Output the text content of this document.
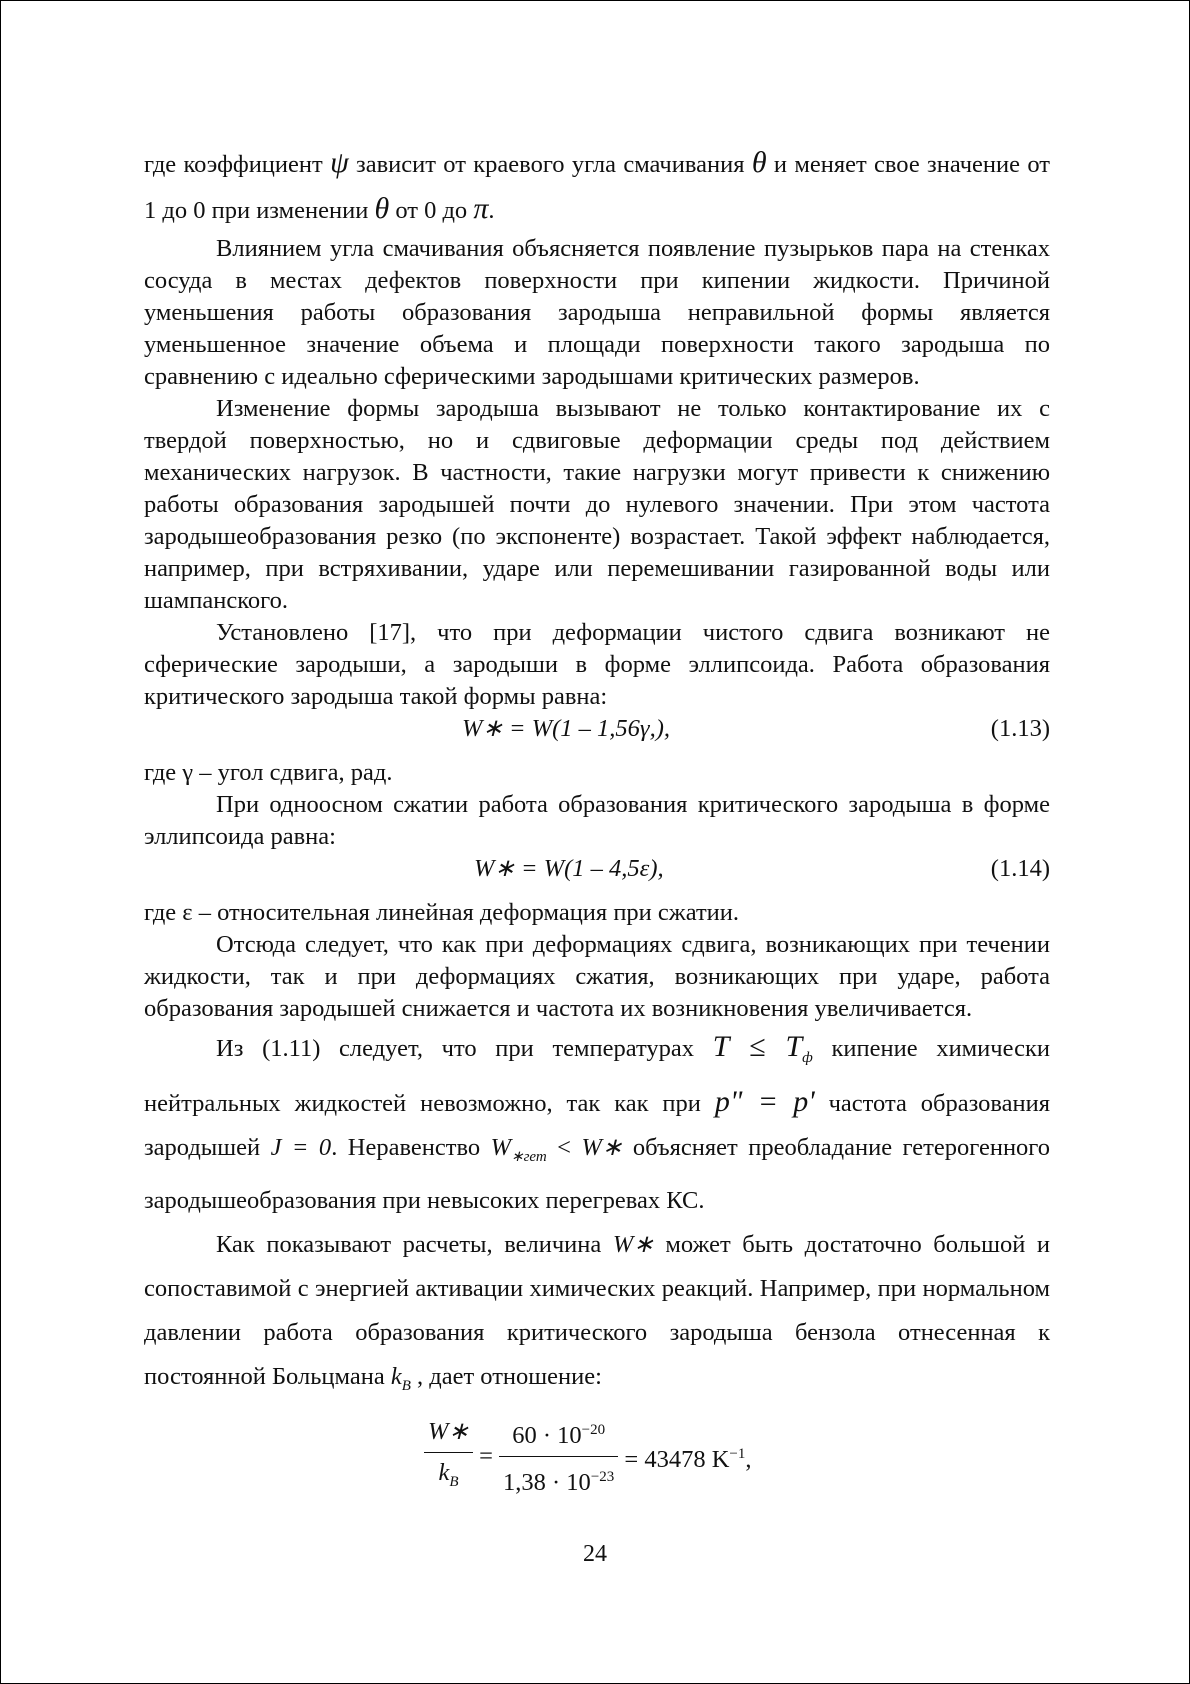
где коэффициент ψ зависит от краевого угла смачивания θ и меняет свое значение от 1 до 0 при изменении θ от 0 до π.

Влиянием угла смачивания объясняется появление пузырьков пара на стенках сосуда в местах дефектов поверхности при кипении жидкости. Причиной уменьшения работы образования зародыша неправильной формы является уменьшенное значение объема и площади поверхности такого зародыша по сравнению с идеально сферическими зародышами критических размеров.

Изменение формы зародыша вызывают не только контактирование их с твердой поверхностью, но и сдвиговые деформации среды под действием механических нагрузок. В частности, такие нагрузки могут привести к снижению работы образования зародышей почти до нулевого значении. При этом частота зародышеобразования резко (по экспоненте) возрастает. Такой эффект наблюдается, например, при встряхивании, ударе или перемешивании газированной воды или шампанского.

Установлено [17], что при деформации чистого сдвига возникают не сферические зародыши, а зародыши в форме эллипсоида. Работа образования критического зародыша такой формы равна:

W∗ = W(1 – 1,56γ,),	(1.13)

где γ – угол сдвига, рад.

При одноосном сжатии работа образования критического зародыша в форме эллипсоида равна:

W∗ = W(1 – 4,5ε),	(1.14)

где ε – относительная линейная деформация при сжатии.

Отсюда следует, что как при деформациях сдвига, возникающих при течении жидкости, так и при деформациях сжатия, возникающих при ударе, работа образования зародышей снижается и частота их возникновения увеличивается.

Из (1.11) следует, что при температурах $T \le T_ф$ кипение химически нейтральных жидкостей невозможно, так как при p" = p' частота образования зародышей J = 0. Неравенство $W_{∗гет}$ < W∗ объясняет преобладание гетерогенного зародышеобразования при невысоких перегревах КС.

Как показывают расчеты, величина W∗ может быть достаточно большой и сопоставимой с энергией активации химических реакций. Например, при нормальном давлении работа образования критического зародыша бензола отнесенная к постоянной Больцмана $k_B$ , дает отношение:

$\frac{W∗}{k_B} = \frac{60 \cdot 10^{-20}}{1,38 \cdot 10^{-23}} = 43478$ $K^{-1}$,
24
